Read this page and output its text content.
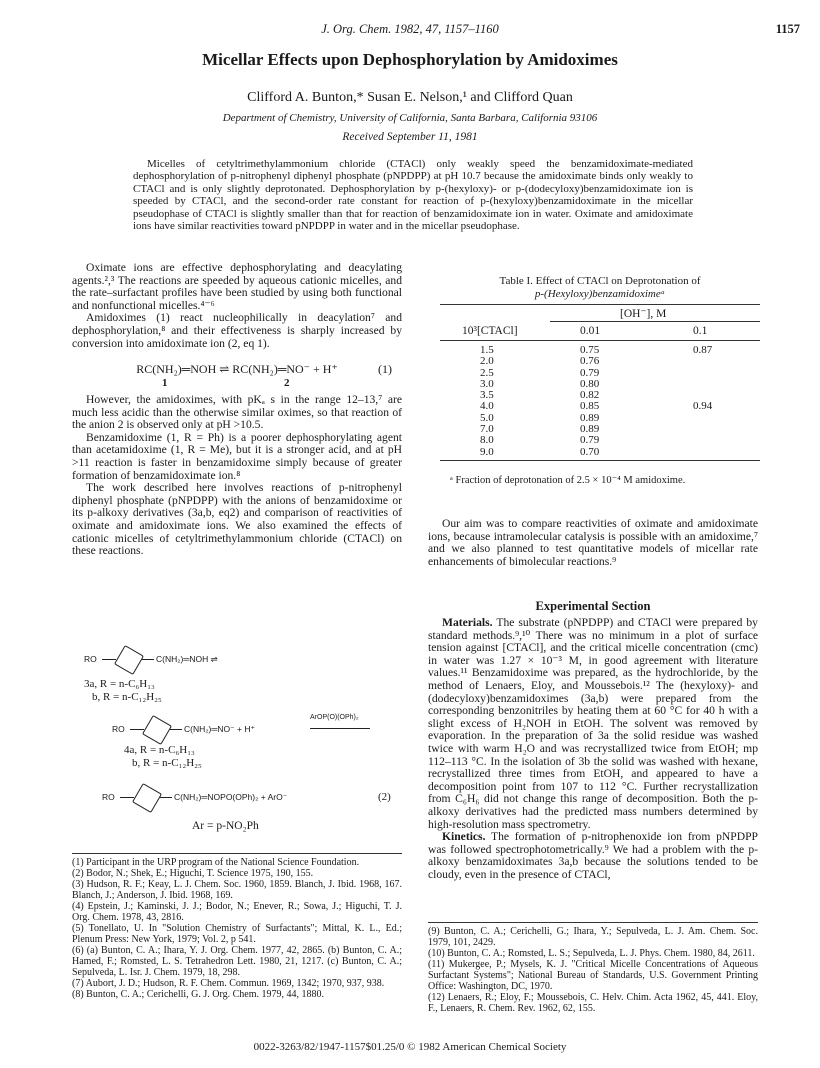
J. Org. Chem. 1982, 47, 1157–1160	1157
Micellar Effects upon Dephosphorylation by Amidoximes
Clifford A. Bunton,* Susan E. Nelson,¹ and Clifford Quan
Department of Chemistry, University of California, Santa Barbara, California 93106
Received September 11, 1981
Micelles of cetyltrimethylammonium chloride (CTACl) only weakly speed the benzamidoximate-mediated dephosphorylation of p-nitrophenyl diphenyl phosphate (pNPDPP) at pH 10.7 because the amidoximate binds only weakly to CTACl and is only slightly deprotonated. Dephosphorylation by p-(hexyloxy)- or p-(dodecyloxy)benzamidoximate ion is speeded by CTACl, and the second-order rate constant for reaction of p-(hexyloxy)benzamidoximate in the micellar pseudophase of CTACl is slightly smaller than that for reaction of benzamidoximate ion in water. Oximate and amidoximate ions have similar reactivities toward pNPDPP in water and in the micellar pseudophase.

Oximate ions are effective dephosphorylating and deacylating agents.²,³ The reactions are speeded by aqueous cationic micelles, and the rate–surfactant profiles have been studied by using both functional and nonfunctional micelles.⁴⁻⁶

Amidoximes (1) react nucleophilically in deacylation⁷ and dephosphorylation,⁸ and their effectiveness is sharply increased by conversion into amidoximate ion (2, eq 1).

RC(NH₂)═NOH ⇌ RC(NH₂)═NO⁻ + H⁺	(1)
1	2

However, the amidoximes, with pKₐ s in the range 12–13,⁷ are much less acidic than the otherwise similar oximes, so that reaction of the anion 2 is observed only at pH >10.5.

Benzamidoxime (1, R = Ph) is a poorer dephosphorylating agent than acetamidoxime (1, R = Me), but it is a stronger acid, and at pH >11 reaction is faster in benzamidoxime simply because of greater formation of benzamidoximate ion.⁸

The work described here involves reactions of p-nitrophenyl diphenyl phosphate (pNPDPP) with the anions of benzamidoxime or its p-alkoxy derivatives (3a,b, eq2) and comparison of reactivities of oximate and amidoximate ions. We also examined the effects of cationic micelles of cetyltrimethylammonium chloride (CTACl) on these reactions.

RO	C(NH₂)═NOH ⇌
3a, R = n-C₆H₁₃
b, R = n-C₁₂H₂₅
RO	C(NH₂)═NO⁻ + H⁺
ArOP(O)(OPh)₂
4a, R = n-C₆H₁₃
b, R = n-C₁₂H₂₅
RO	C(NH₂)═NOPO(OPh)₂ + ArO⁻	(2)
Ar = p-NO₂Ph

(1) Participant in the URP program of the National Science Foundation.

(2) Bodor, N.; Shek, E.; Higuchi, T. Science 1975, 190, 155.

(3) Hudson, R. F.; Keay, L. J. Chem. Soc. 1960, 1859. Blanch, J. Ibid. 1968, 167. Blanch, J.; Anderson, J. Ibid. 1968, 169.

(4) Epstein, J.; Kaminski, J. J.; Bodor, N.; Enever, R.; Sowa, J.; Higuchi, T. J. Org. Chem. 1978, 43, 2816.

(5) Tonellato, U. In "Solution Chemistry of Surfactants"; Mittal, K. L., Ed.; Plenum Press: New York, 1979; Vol. 2, p 541.

(6) (a) Bunton, C. A.; Ihara, Y. J. Org. Chem. 1977, 42, 2865. (b) Bunton, C. A.; Hamed, F.; Romsted, L. S. Tetrahedron Lett. 1980, 21, 1217. (c) Bunton, C. A.; Sepulveda, L. Isr. J. Chem. 1979, 18, 298.

(7) Aubort, J. D.; Hudson, R. F. Chem. Commun. 1969, 1342; 1970, 937, 938.

(8) Bunton, C. A.; Cerichelli, G. J. Org. Chem. 1979, 44, 1880.

Table I. Effect of CTACl on Deprotonation of
p-(Hexyloxy)benzamidoximeᵃ
[OH⁻], M
10³[CTACl]	0.01	0.1
1.5	0.75	0.87
2.0	0.76
2.5	0.79
3.0	0.80
3.5	0.82
4.0	0.85	0.94
5.0	0.89
7.0	0.89
8.0	0.79
9.0	0.70
ᵃ Fraction of deprotonation of 2.5 × 10⁻⁴ M amidoxime.

Our aim was to compare reactivities of oximate and amidoximate ions, because intramolecular catalysis is possible with an amidoxime,⁷ and we also planned to test quantitative models of micellar rate enhancements of bimolecular reactions.⁹

Experimental Section

Materials. The substrate (pNPDPP) and CTACl were prepared by standard methods.⁹,¹⁰ There was no minimum in a plot of surface tension against [CTACl], and the critical micelle concentration (cmc) in water was 1.27 × 10⁻³ M, in good agreement with literature values.¹¹ Benzamidoxime was prepared, as the hydrochloride, by the method of Lenaers, Eloy, and Moussebois.¹² The (hexyloxy)- and (dodecyloxy)benzamidoximes (3a,b) were prepared from the corresponding benzonitriles by heating them at 60 °C for 40 h with a slight excess of H₂NOH in EtOH. The solvent was removed by evaporation. In the preparation of 3a the solid residue was washed twice with warm H₂O and was recrystallized twice from EtOH; mp 112–113 °C. In the isolation of 3b the solid was washed with hexane, recrystallized three times from EtOH, and appeared to have a decomposition point from 107 to 112 °C. Further recrystallization from C₆H₆ did not change this range of decomposition. Both the p-alkoxy derivatives had the predicted mass numbers determined by high-resolution mass spectrometry.

Kinetics. The formation of p-nitrophenoxide ion from pNPDPP was followed spectrophotometrically.⁹ We had a problem with the p-alkoxy benzamidoximates 3a,b because the solutions tended to be cloudy, even in the presence of CTACl,

(9) Bunton, C. A.; Cerichelli, G.; Ihara, Y.; Sepulveda, L. J. Am. Chem. Soc. 1979, 101, 2429.

(10) Bunton, C. A.; Romsted, L. S.; Sepulveda, L. J. Phys. Chem. 1980, 84, 2611.

(11) Mukergee, P.; Mysels, K. J. "Critical Micelle Concentrations of Aqueous Surfactant Systems"; National Bureau of Standards, U.S. Government Printing Office: Washington, DC, 1970.

(12) Lenaers, R.; Eloy, F.; Moussebois, C. Helv. Chim. Acta 1962, 45, 441. Eloy, F., Lenaers, R. Chem. Rev. 1962, 62, 155.

0022-3263/82/1947-1157$01.25/0 © 1982 American Chemical Society
